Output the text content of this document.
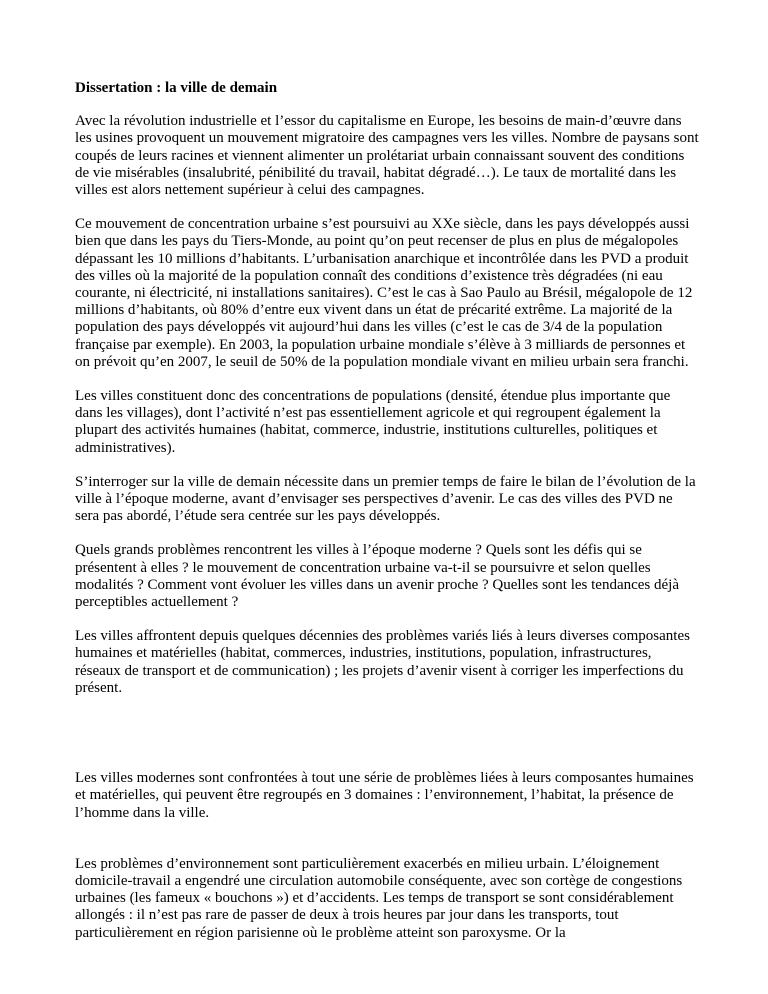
Dissertation : la ville de demain
Avec la révolution industrielle et l’essor du capitalisme en Europe, les besoins de main-d’œuvre dans les usines provoquent un mouvement migratoire des campagnes vers les villes. Nombre de paysans sont coupés de leurs racines et viennent alimenter un prolétariat urbain connaissant souvent des conditions de vie misérables (insalubrité, pénibilité du travail, habitat dégradé…). Le taux de mortalité dans les villes est alors nettement supérieur à celui des campagnes.
Ce mouvement de concentration urbaine s’est poursuivi au XXe siècle, dans les pays développés aussi bien que dans les pays du Tiers-Monde, au point qu’on peut recenser de plus en plus de mégalopoles dépassant les 10 millions d’habitants. L’urbanisation anarchique et incontrôlée dans les PVD a produit des villes où la majorité de la population connaît des conditions d’existence très dégradées (ni eau courante, ni électricité, ni installations sanitaires). C’est le cas à Sao Paulo au Brésil, mégalopole de 12 millions d’habitants, où 80% d’entre eux vivent dans un état de précarité extrême. La majorité de la population des pays développés vit aujourd’hui dans les villes (c’est le cas de 3/4 de la population française par exemple). En 2003, la population urbaine mondiale s’élève à 3 milliards de personnes et on prévoit qu’en 2007, le seuil de 50% de la population mondiale vivant en milieu urbain sera franchi.
Les villes constituent donc des concentrations de populations (densité, étendue plus importante que dans les villages), dont l’activité n’est pas essentiellement agricole et qui regroupent également la plupart des activités humaines (habitat, commerce, industrie, institutions culturelles, politiques et administratives).
S’interroger sur la ville de demain nécessite dans un premier temps de faire le bilan de l’évolution de la ville à l’époque moderne, avant d’envisager ses perspectives d’avenir. Le cas des villes des PVD ne sera pas abordé, l’étude sera centrée sur les pays développés.
Quels grands problèmes rencontrent les villes à l’époque moderne ? Quels sont les défis qui se présentent à elles ? le mouvement de concentration urbaine va-t-il se poursuivre et selon quelles modalités ? Comment vont évoluer les villes dans un avenir proche ? Quelles sont les tendances déjà perceptibles actuellement ?
Les villes affrontent depuis quelques décennies des problèmes variés liés à leurs diverses composantes humaines et matérielles (habitat, commerces, industries, institutions, population, infrastructures, réseaux de transport et de communication) ; les projets d’avenir visent à corriger les imperfections du présent.
Les villes modernes sont confrontées à tout une série de problèmes liées à leurs composantes humaines et matérielles, qui peuvent être regroupés en 3 domaines : l’environnement, l’habitat, la présence de l’homme dans la ville.
Les problèmes d’environnement sont particulièrement exacerbés en milieu urbain. L’éloignement domicile-travail a engendré une circulation automobile conséquente, avec son cortège de congestions urbaines (les fameux « bouchons ») et d’accidents. Les temps de transport se sont considérablement allongés : il n’est pas rare de passer de deux à trois heures par jour dans les transports, tout particulièrement en région parisienne où le problème atteint son paroxysme. Or la
